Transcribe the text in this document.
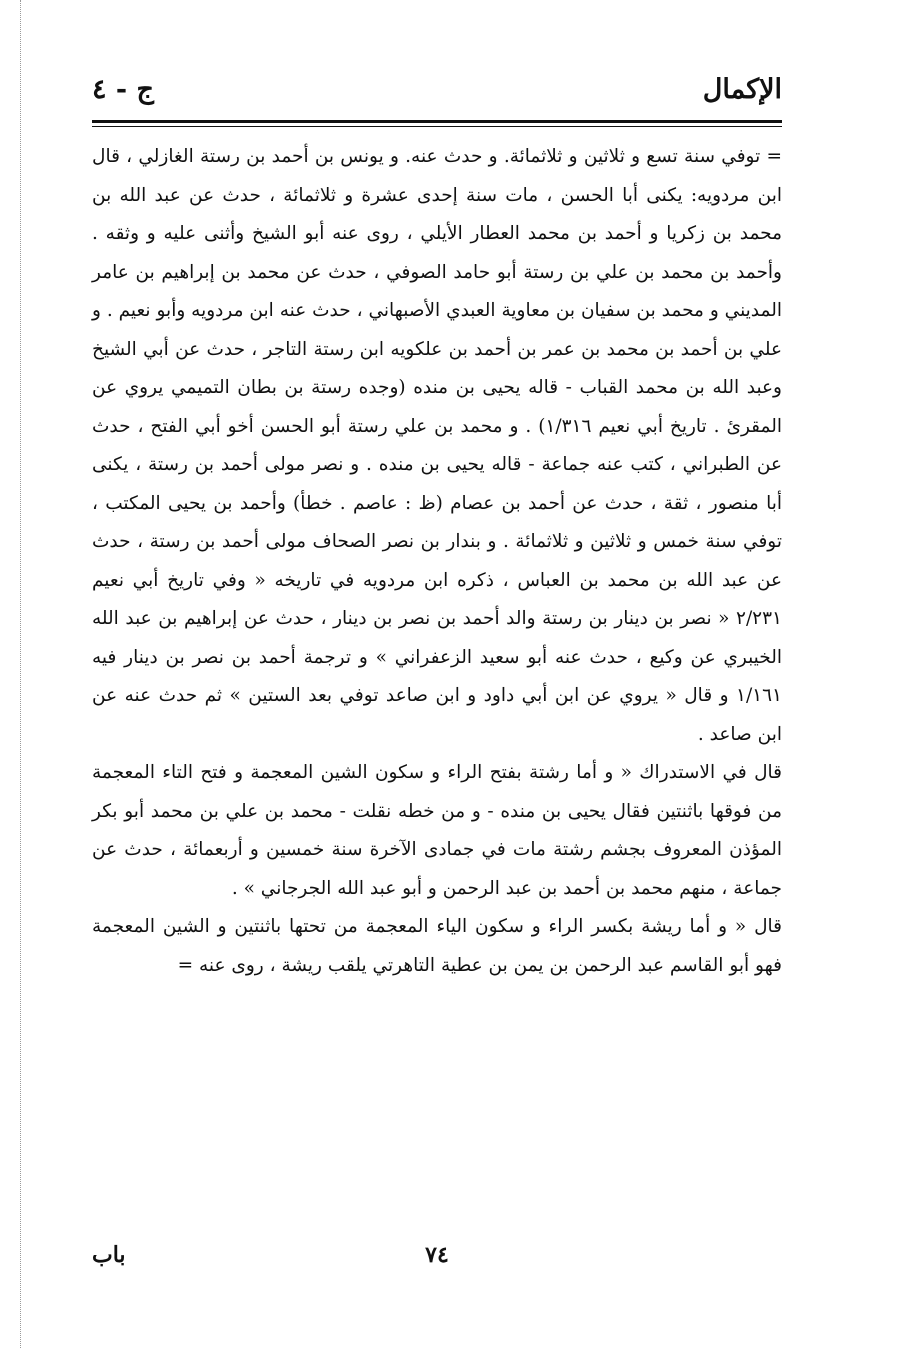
الإكمال
ج - ٤

= توفي سنة تسع و ثلاثين و ثلاثمائة. و حدث عنه. و يونس بن أحمد بن رستة الغازلي ، قال ابن مردويه: يكنى أبا الحسن ، مات سنة إحدى عشرة و ثلاثمائة ، حدث عن عبد الله بن محمد بن زكريا و أحمد بن محمد العطار الأيلي ، روى عنه أبو الشيخ وأثنى عليه و وثقه . وأحمد بن محمد بن علي بن رستة أبو حامد الصوفي ، حدث عن محمد بن إبراهيم بن عامر المديني و محمد بن سفيان بن معاوية العبدي الأصبهاني ، حدث عنه ابن مردويه وأبو نعيم . و علي بن أحمد بن محمد بن عمر بن أحمد بن علكويه ابن رستة التاجر ، حدث عن أبي الشيخ وعبد الله بن محمد القباب - قاله يحيى بن منده (وجده رستة بن بطان التميمي يروي عن المقرئ . تاريخ أبي نعيم ١/٣١٦) . و محمد بن علي رستة أبو الحسن أخو أبي الفتح ، حدث عن الطبراني ، كتب عنه جماعة - قاله يحيى بن منده . و نصر مولى أحمد بن رستة ، يكنى أبا منصور ، ثقة ، حدث عن أحمد بن عصام (ظ : عاصم . خطأ) وأحمد بن يحيى المكتب ، توفي سنة خمس و ثلاثين و ثلاثمائة . و بندار بن نصر الصحاف مولى أحمد بن رستة ، حدث عن عبد الله بن محمد بن العباس ، ذكره ابن مردويه في تاريخه « وفي تاريخ أبي نعيم ٢/٢٣١ « نصر بن دينار بن رستة والد أحمد بن نصر بن دينار ، حدث عن إبراهيم بن عبد الله الخيبري عن وكيع ، حدث عنه أبو سعيد الزعفراني » و ترجمة أحمد بن نصر بن دينار فيه ١/١٦١ و قال « يروي عن ابن أبي داود و ابن صاعد توفي بعد الستين » ثم حدث عنه عن ابن صاعد .

قال في الاستدراك « و أما رشتة بفتح الراء و سكون الشين المعجمة و فتح التاء المعجمة من فوقها باثنتين فقال يحيى بن منده - و من خطه نقلت - محمد بن علي بن محمد أبو بكر المؤذن المعروف بجشم رشتة مات في جمادى الآخرة سنة خمسين و أربعمائة ، حدث عن جماعة ، منهم محمد بن أحمد بن عبد الرحمن و أبو عبد الله الجرجاني » .

قال « و أما ريشة بكسر الراء و سكون الياء المعجمة من تحتها باثنتين و الشين المعجمة فهو أبو القاسم عبد الرحمن بن يمن بن عطية التاهرتي يلقب ريشة ، روى عنه =

٧٤
باب
